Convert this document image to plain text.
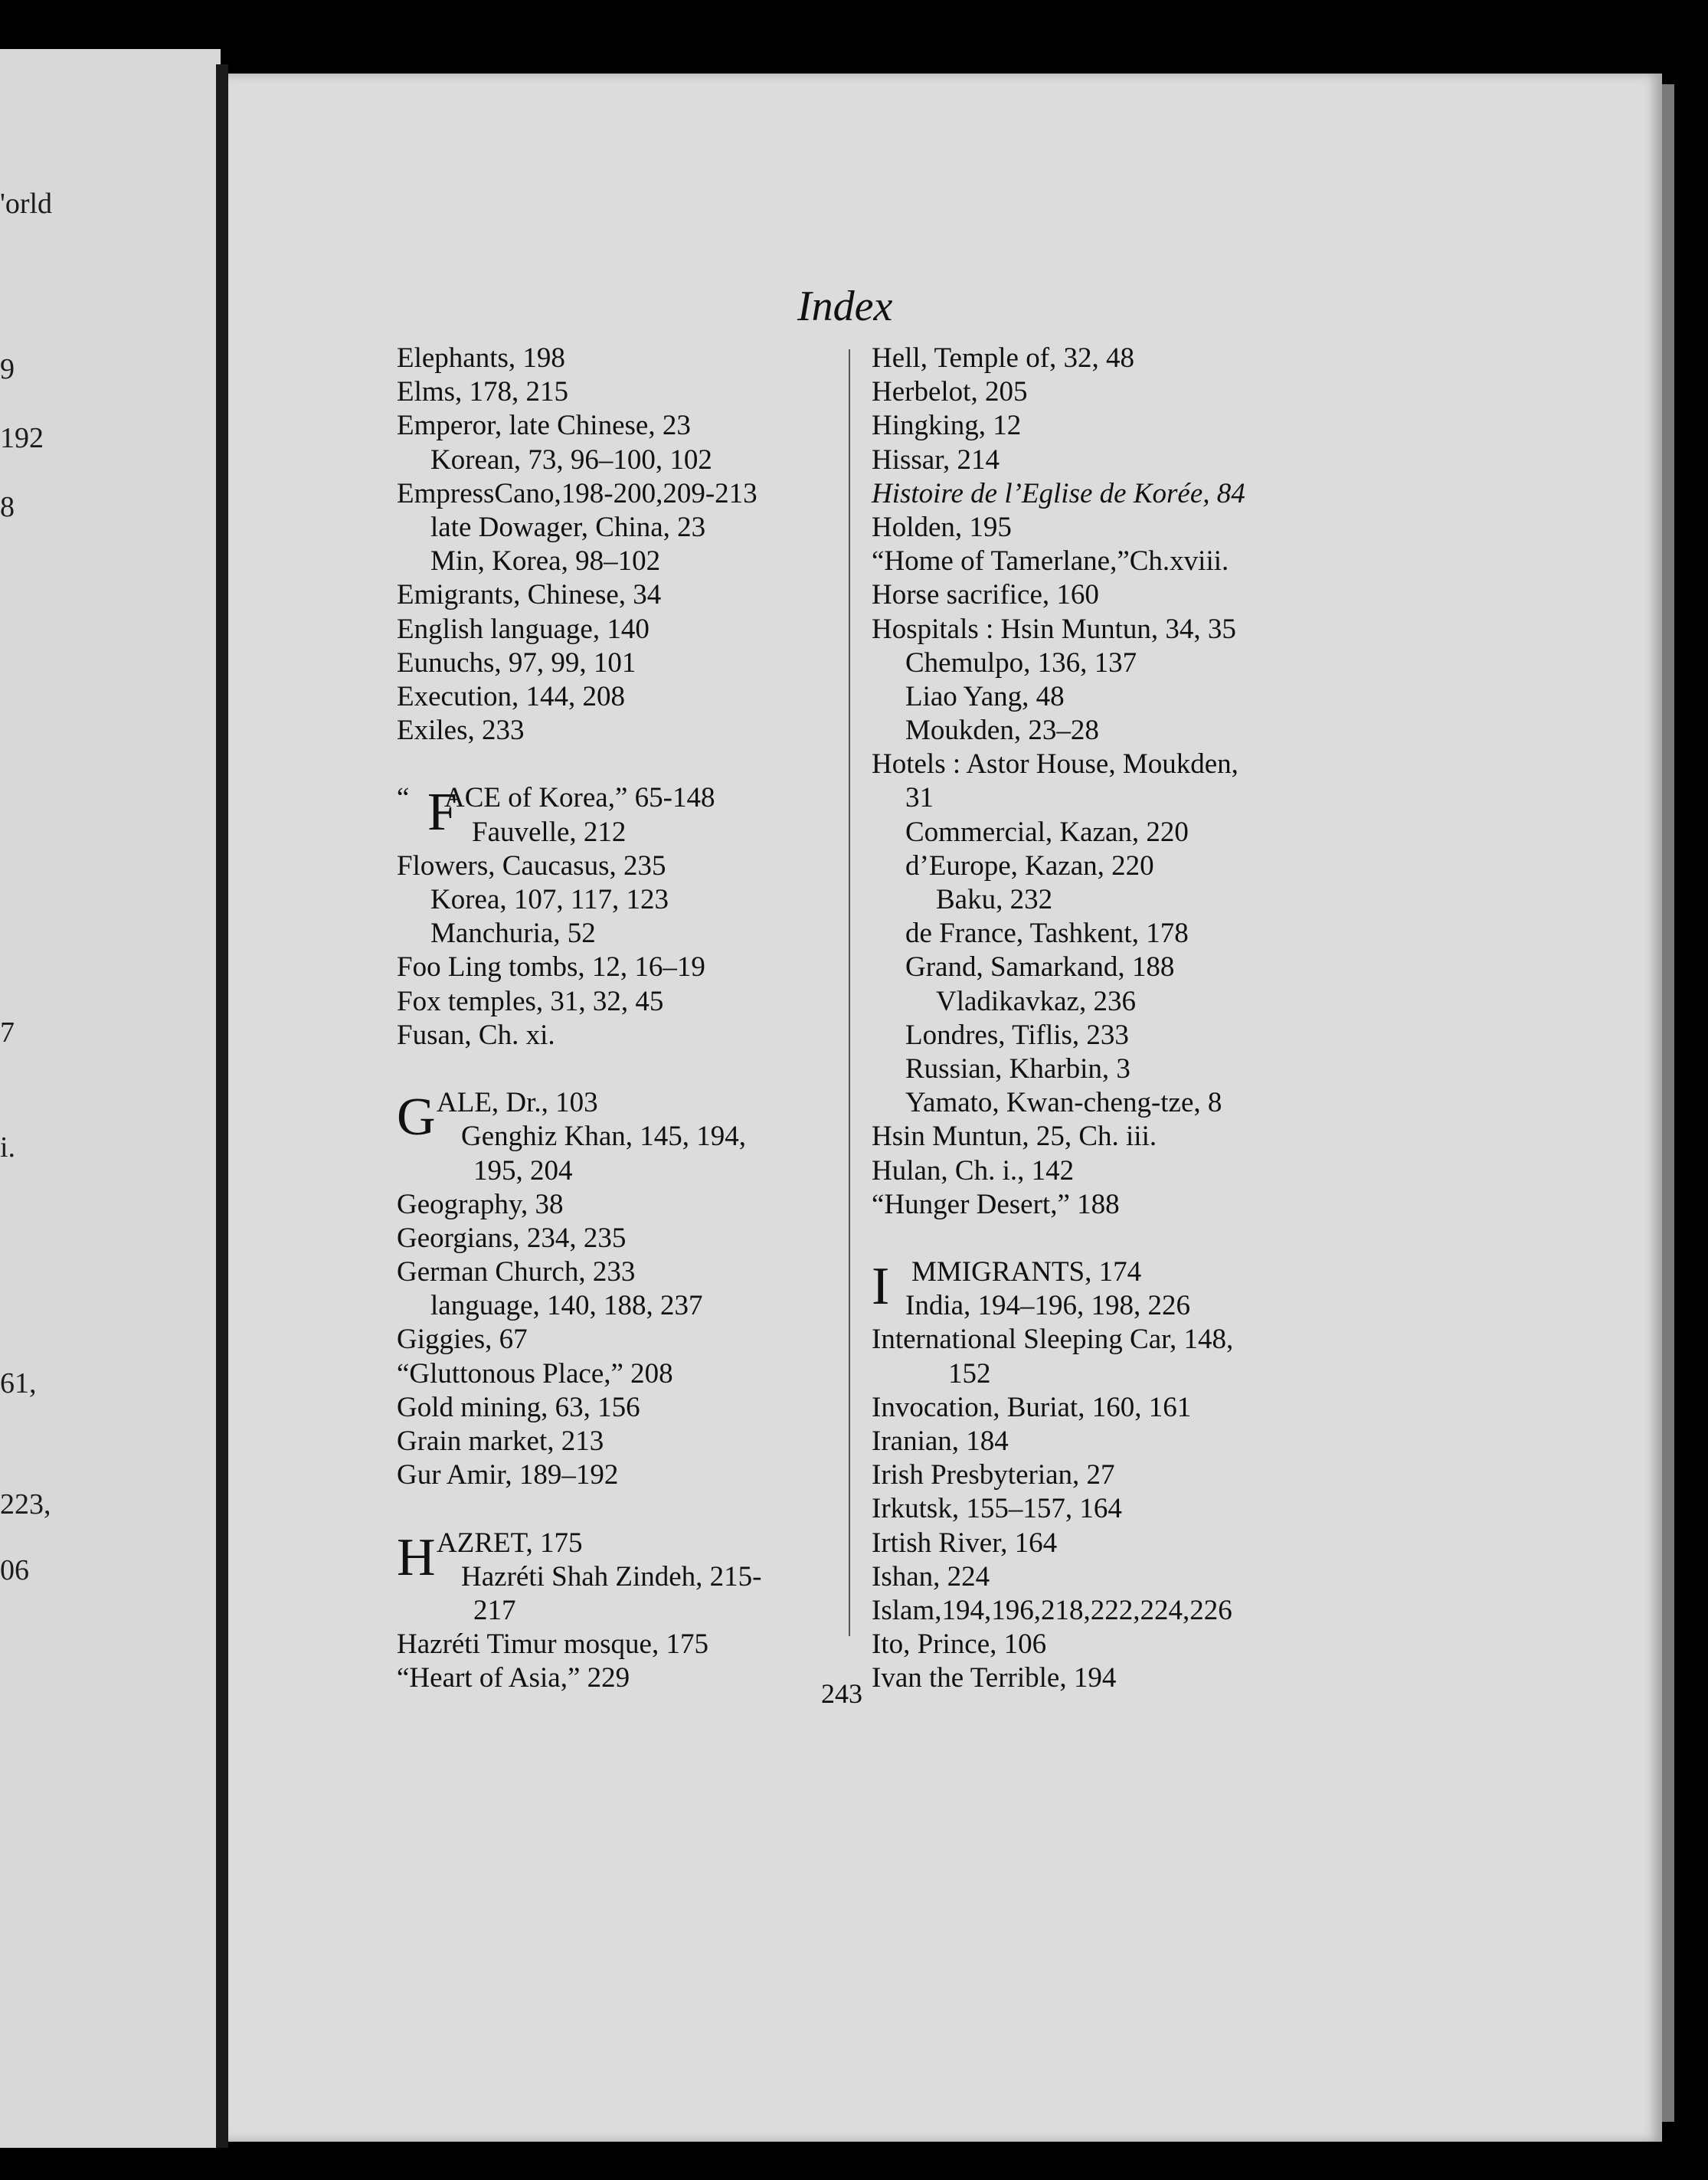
'orld
9
192
8
7
i.
61,
223,
06
Index
Elephants, 198
Elms, 178, 215
Emperor, late Chinese, 23
Korean, 73, 96–100, 102
EmpressCano,198-200,209-213
late Dowager, China, 23
Min, Korea, 98–102
Emigrants, Chinese, 34
English language, 140
Eunuchs, 97, 99, 101
Execution, 144, 208
Exiles, 233
“ F
ACE of Korea,” 65-148
Fauvelle, 212
Flowers, Caucasus, 235
Korea, 107, 117, 123
Manchuria, 52
Foo Ling tombs, 12, 16–19
Fox temples, 31, 32, 45
Fusan, Ch. xi.
G ALE, Dr., 103
Genghiz Khan, 145, 194,
195, 204
Geography, 38
Georgians, 234, 235
German Church, 233
language, 140, 188, 237
Giggies, 67
“Gluttonous Place,” 208
Gold mining, 63, 156
Grain market, 213
Gur Amir, 189–192
H AZRET, 175
Hazréti Shah Zindeh, 215-
217
Hazréti Timur mosque, 175
“Heart of Asia,” 229
Hell, Temple of, 32, 48
Herbelot, 205
Hingking, 12
Hissar, 214
Histoire de l’Eglise de Korée, 84
Holden, 195
“Home of Tamerlane,”Ch.xviii.
Horse sacrifice, 160
Hospitals : Hsin Muntun, 34, 35
Chemulpo, 136, 137
Liao Yang, 48
Moukden, 23–28
Hotels : Astor House, Moukden,
31
Commercial, Kazan, 220
d’Europe, Kazan, 220
Baku, 232
de France, Tashkent, 178
Grand, Samarkand, 188
Vladikavkaz, 236
Londres, Tiflis, 233
Russian, Kharbin, 3
Yamato, Kwan-cheng-tze, 8
Hsin Muntun, 25, Ch. iii.
Hulan, Ch. i., 142
“Hunger Desert,” 188
I MMIGRANTS, 174
India, 194–196, 198, 226
International Sleeping Car, 148,
152
Invocation, Buriat, 160, 161
Iranian, 184
Irish Presbyterian, 27
Irkutsk, 155–157, 164
Irtish River, 164
Ishan, 224
Islam,194,196,218,222,224,226
Ito, Prince, 106
Ivan the Terrible, 194
243
